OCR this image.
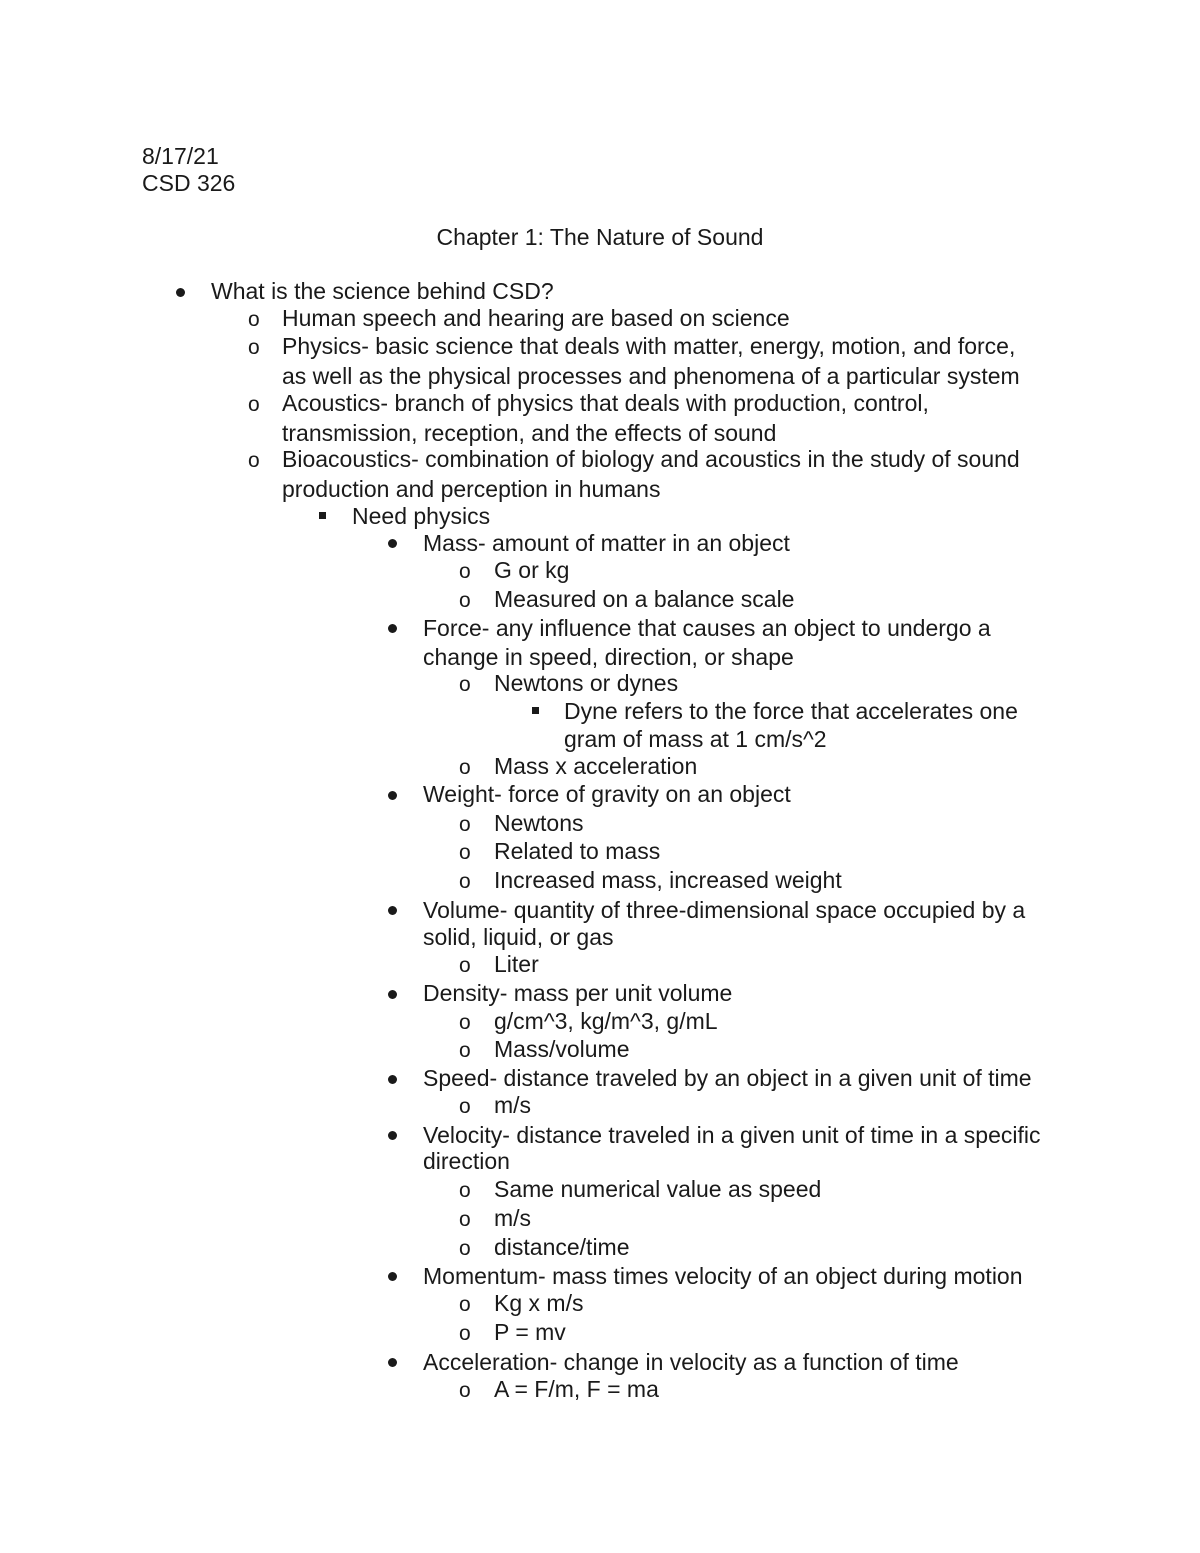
8/17/21

CSD 326

Chapter 1: The Nature of Sound

What is the science behind CSD?
o Human speech and hearing are based on science
o Physics- basic science that deals with matter, energy, motion, and force,
as well as the physical processes and phenomena of a particular system
o Acoustics- branch of physics that deals with production, control,
transmission, reception, and the effects of sound
o Bioacoustics- combination of biology and acoustics in the study of sound
production and perception in humans
Need physics
Mass- amount of matter in an object
o G or kg
o Measured on a balance scale
Force- any influence that causes an object to undergo a
change in speed, direction, or shape
o Newtons or dynes
Dyne refers to the force that accelerates one
gram of mass at 1 cm/s^2
o Mass x acceleration
Weight- force of gravity on an object
o Newtons
o Related to mass
o Increased mass, increased weight
Volume- quantity of three-dimensional space occupied by a
solid, liquid, or gas
o Liter
Density- mass per unit volume
o g/cm^3, kg/m^3, g/mL
o Mass/volume
Speed- distance traveled by an object in a given unit of time
o m/s
Velocity- distance traveled in a given unit of time in a specific
direction
o Same numerical value as speed
o m/s
o distance/time
Momentum- mass times velocity of an object during motion
o Kg x m/s
o P = mv
Acceleration- change in velocity as a function of time
o A = F/m, F = ma
